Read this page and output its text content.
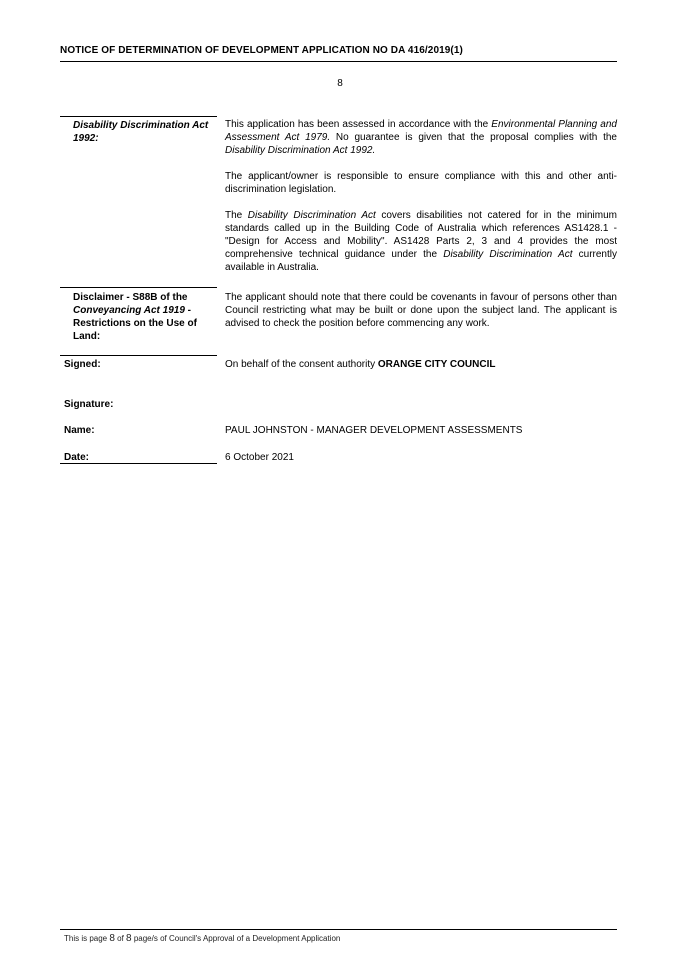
NOTICE OF DETERMINATION OF DEVELOPMENT APPLICATION NO DA 416/2019(1)
8
Disability Discrimination Act 1992:

This application has been assessed in accordance with the Environmental Planning and Assessment Act 1979. No guarantee is given that the proposal complies with the Disability Discrimination Act 1992.

The applicant/owner is responsible to ensure compliance with this and other anti-discrimination legislation.

The Disability Discrimination Act covers disabilities not catered for in the minimum standards called up in the Building Code of Australia which references AS1428.1 - "Design for Access and Mobility". AS1428 Parts 2, 3 and 4 provides the most comprehensive technical guidance under the Disability Discrimination Act currently available in Australia.

Disclaimer - S88B of the Conveyancing Act 1919 - Restrictions on the Use of Land:
The applicant should note that there could be covenants in favour of persons other than Council restricting what may be built or done upon the subject land. The applicant is advised to check the position before commencing any work.
Signed:	On behalf of the consent authority ORANGE CITY COUNCIL
Signature:
Name:	PAUL JOHNSTON - MANAGER DEVELOPMENT ASSESSMENTS
Date:	6 October 2021
This is page 8 of 8 page/s of Council's Approval of a Development Application
